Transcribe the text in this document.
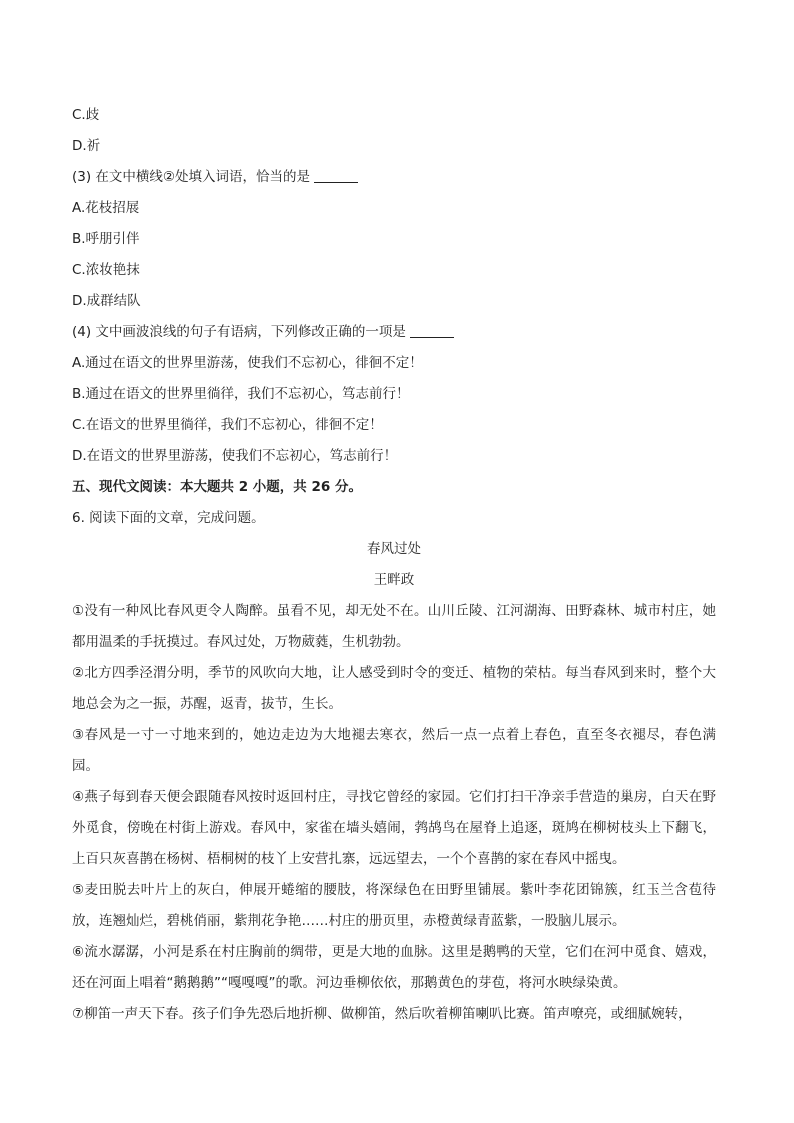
C.歧
D.祈
(3) 在文中横线②处填入词语，恰当的是
A.花枝招展
B.呼朋引伴
C.浓妆艳抹
D.成群结队
(4) 文中画波浪线的句子有语病，下列修改正确的一项是
A.通过在语文的世界里游荡，使我们不忘初心，徘徊不定！
B.通过在语文的世界里徜徉，我们不忘初心，笃志前行！
C.在语文的世界里徜徉，我们不忘初心，徘徊不定！
D.在语文的世界里游荡，使我们不忘初心，笃志前行！
五、现代文阅读：本大题共 2 小题，共 26 分。
6. 阅读下面的文章，完成问题。
春风过处
王畔政
①没有一种风比春风更令人陶醉。虽看不见，却无处不在。山川丘陵、江河湖海、田野森林、城市村庄，她都用温柔的手抚摸过。春风过处，万物葳蕤，生机勃勃。
②北方四季泾渭分明，季节的风吹向大地，让人感受到时令的变迁、植物的荣枯。每当春风到来时，整个大地总会为之一振，苏醒，返青，拔节，生长。
③春风是一寸一寸地来到的，她边走边为大地褪去寒衣，然后一点一点着上春色，直至冬衣褪尽，春色满园。
④燕子每到春天便会跟随春风按时返回村庄，寻找它曾经的家园。它们打扫干净亲手营造的巢房，白天在野外觅食，傍晚在村街上游戏。春风中，家雀在墙头嬉闹，鹁鸪鸟在屋脊上追逐，斑鸠在柳树枝头上下翻飞，上百只灰喜鹊在杨树、梧桐树的枝丫上安营扎寨，远远望去，一个个喜鹊的家在春风中摇曳。
⑤麦田脱去叶片上的灰白，伸展开蜷缩的腰肢，将深绿色在田野里铺展。紫叶李花团锦簇，红玉兰含苞待放，连翘灿烂，碧桃俏丽，紫荆花争艳……村庄的册页里，赤橙黄绿青蓝紫，一股脑儿展示。
⑥流水潺潺，小河是系在村庄胸前的绸带，更是大地的血脉。这里是鹅鸭的天堂，它们在河中觅食、嬉戏，还在河面上唱着“鹅鹅鹅”“嘎嘎嘎”的歌。河边垂柳依依，那鹅黄色的芽苞，将河水映绿染黄。
⑦柳笛一声天下春。孩子们争先恐后地折柳、做柳笛，然后吹着柳笛喇叭比赛。笛声嘹亮，或细腻婉转，
